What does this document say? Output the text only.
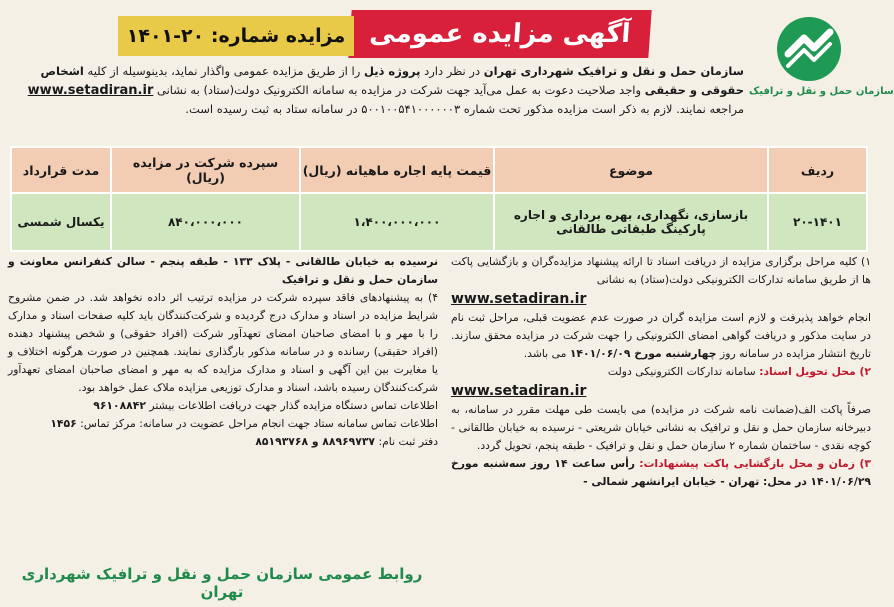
سازمان حمل و نقل و ترافیک
آگهی مزایده عمومی
مزایده شماره: ۲۰-۱۴۰۱
سازمان حمل و نقل و ترافیک شهرداری تهران در نظر دارد پروژه ذیل را از طریق مزایده عمومی واگذار نماید، بدینوسیله از کلیه اشخاص حقوقی و حقیقی واجد صلاحیت دعوت به عمل می‌آید جهت شرکت در مزایده به سامانه الکترونیک دولت(ستاد) به نشانی www.setadiran.ir مراجعه نمایند. لازم به ذکر است مزایده مذکور تحت شماره ۵۰۰۱۰۰۵۴۱۰۰۰۰۰۰۳ در سامانه ستاد به ثبت رسیده است.
ردیف	موضوع	قیمت پایه اجاره ماهیانه (ریال)	سپرده شرکت در مزایده (ریال)	مدت قرارداد
۲۰-۱۴۰۱	بازسازی، نگهداری، بهره برداری و اجاره پارکینگ طبقاتی طالقانی	۱،۴۰۰،۰۰۰،۰۰۰	۸۴۰،۰۰۰،۰۰۰	یکسال شمسی
۱) کلیه مراحل برگزاری مزایده از دریافت اسناد تا ارائه پیشنهاد مزایده‌گران و بازگشایی پاکت ها از طریق سامانه تدارکات الکترونیکی دولت(ستاد) به نشانی
www.setadiran.ir
انجام خواهد پذیرفت و لازم است مزایده گران در صورت عدم عضویت قبلی، مراحل ثبت نام در سایت مذکور و دریافت گواهی امضای الکترونیکی را جهت شرکت در مزایده محقق سازند. تاریخ انتشار مزایده در سامانه روز چهارشنبه مورخ ۱۴۰۱/۰۶/۰۹ می باشد.
۲) محل تحویل اسناد: سامانه تدارکات الکترونیکی دولت
www.setadiran.ir
صرفاً پاکت الف(ضمانت نامه شرکت در مزایده) می بایست طی مهلت مقرر در سامانه، به دبیرخانه سازمان حمل و نقل و ترافیک به نشانی خیابان شریعتی - نرسیده به خیابان طالقانی - کوچه نقدی - ساختمان شماره ۲ سازمان حمل و نقل و ترافیک - طبقه پنجم، تحویل گردد.
۳) زمان و محل بازگشایی پاکت پیشنهادات: رأس ساعت ۱۴ روز سه‌شنبه مورخ ۱۴۰۱/۰۶/۲۹ در محل: تهران - خیابان ایرانشهر شمالی -
نرسیده به خیابان طالقانی - پلاک ۱۳۳ - طبقه پنجم - سالن کنفرانس معاونت و سازمان حمل و نقل و ترافیک
۴) به پیشنهادهای فاقد سپرده شرکت در مزایده ترتیب اثر داده نخواهد شد. در ضمن مشروح شرایط مزایده در اسناد و مدارک درج گردیده و شرکت‌کنندگان باید کلیه صفحات اسناد و مدارک را با مهر و با امضای صاحبان امضای تعهدآور شرکت (افراد حقوقی) و شخص پیشنهاد دهنده (افراد حقیقی) رسانده و در سامانه مذکور بارگذاری نمایند. همچنین در صورت هرگونه اختلاف و یا مغایرت بین این آگهی و اسناد و مدارک مزایده که به مهر و امضای صاحبان امضای تعهدآور شرکت‌کنندگان رسیده باشد، اسناد و مدارک توزیعی مزایده ملاک عمل خواهد بود.
اطلاعات تماس دستگاه مزایده گذار جهت دریافت اطلاعات بیشتر ۹۶۱۰۸۸۴۲
اطلاعات تماس سامانه ستاد جهت انجام مراحل عضویت در سامانه: مرکز تماس: ۱۴۵۶
دفتر ثبت نام: ۸۸۹۶۹۷۳۷ و ۸۵۱۹۳۷۶۸
روابط عمومی سازمان حمل و نقل و ترافیک شهرداری تهران
